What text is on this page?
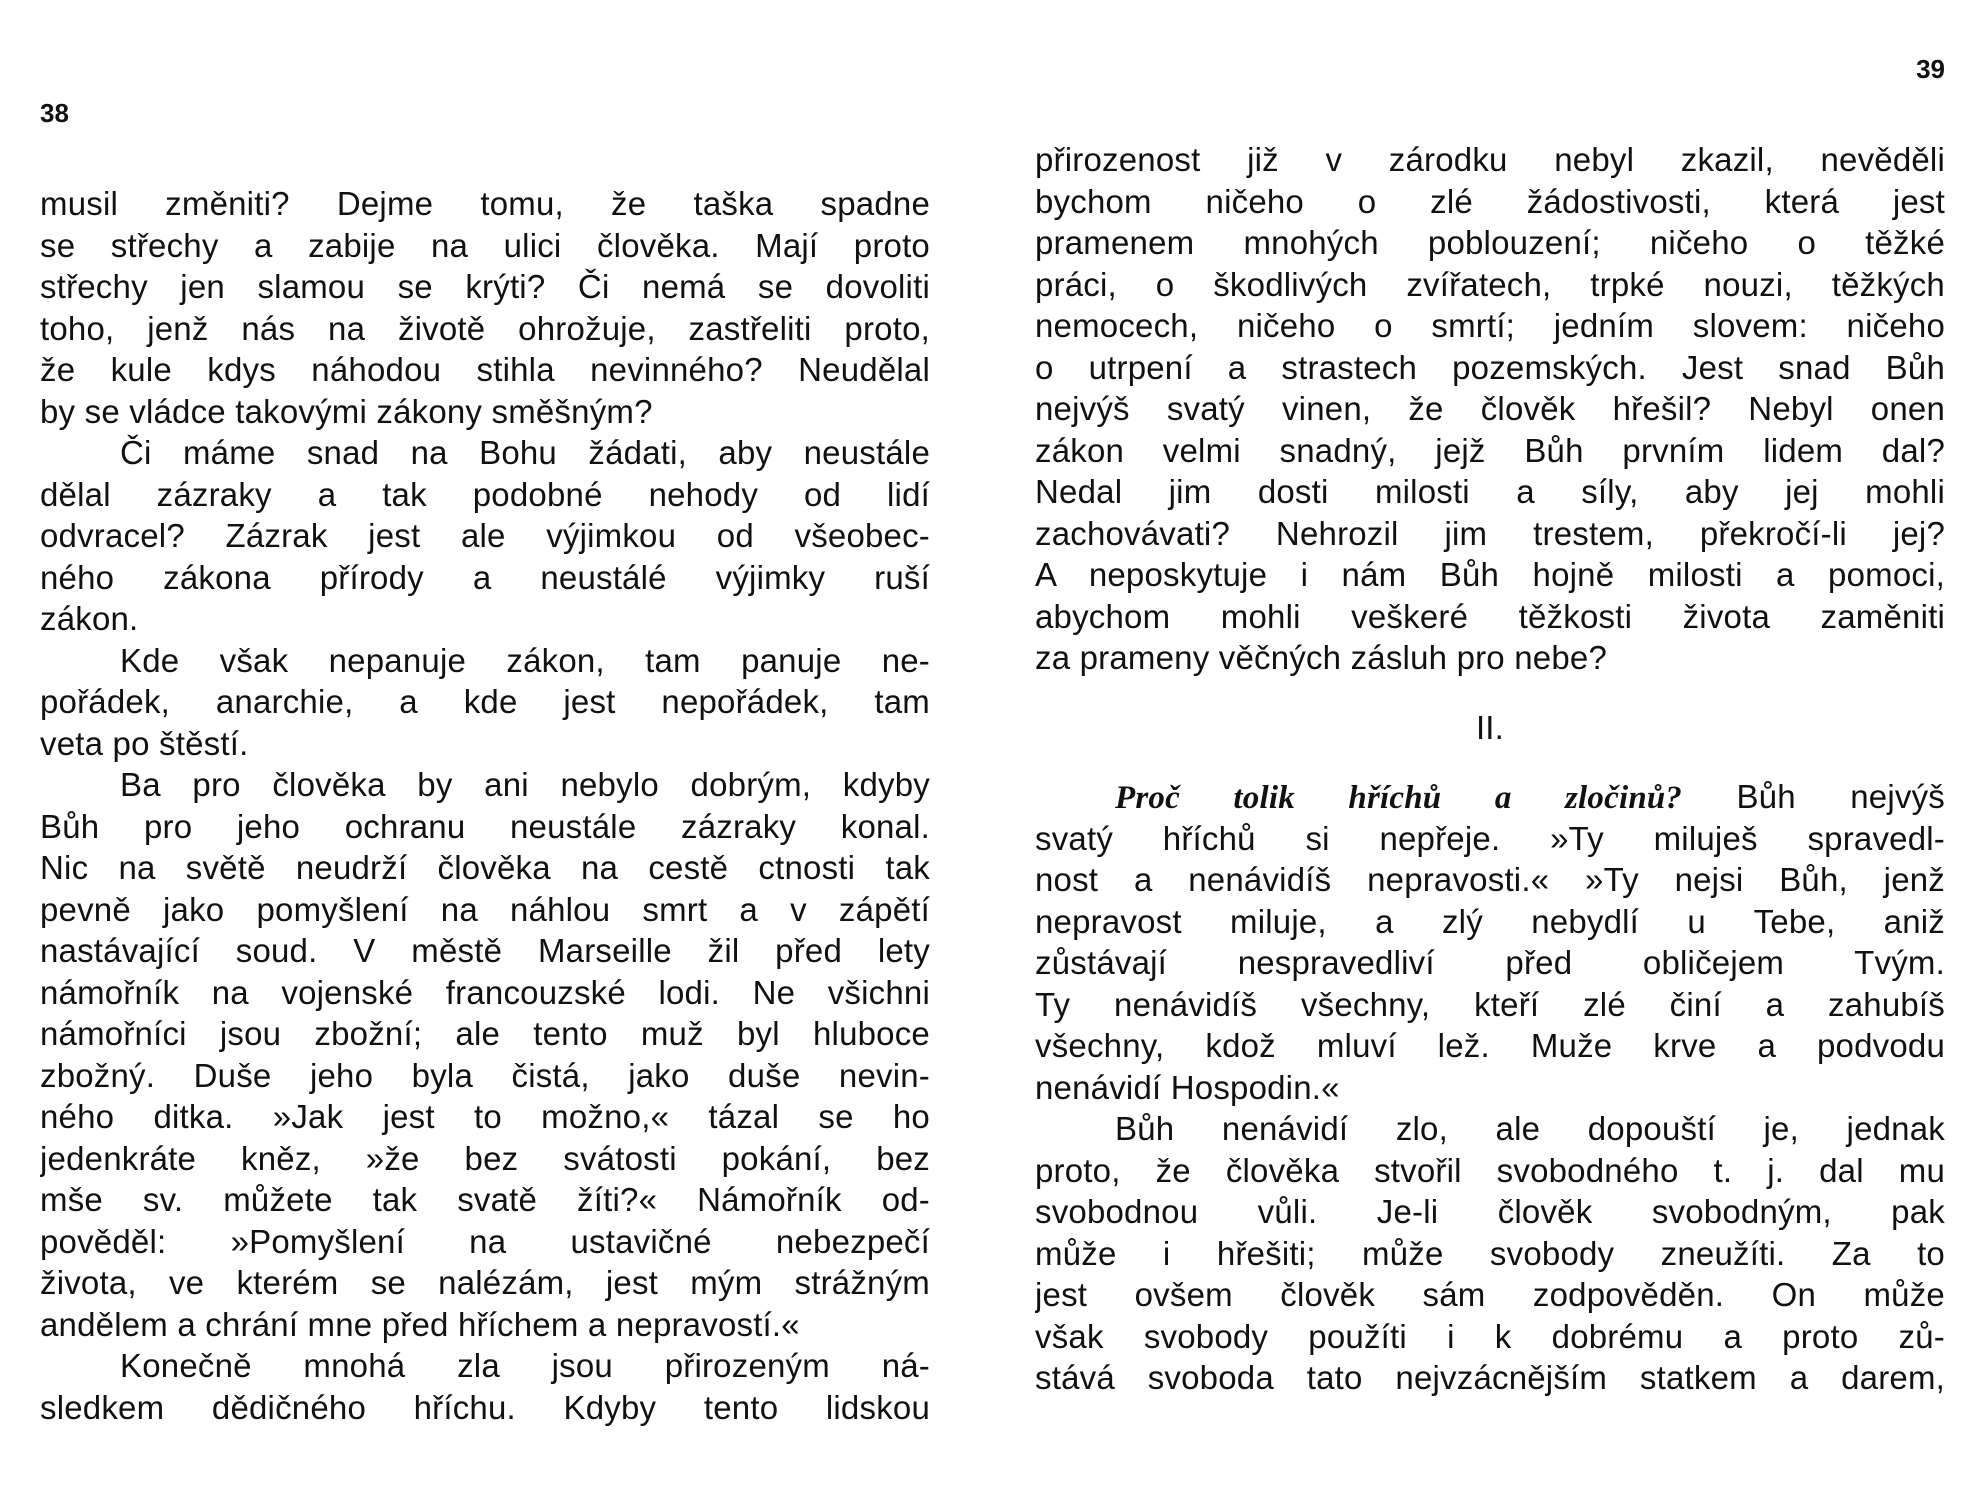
38
musil změniti? Dejme tomu, že taška spadne
se střechy a zabije na ulici člověka. Mají proto
střechy jen slamou se krýti? Či nemá se dovoliti
toho, jenž nás na životě ohrožuje, zastřeliti proto,
že kule kdys náhodou stihla nevinného? Neudělal
by se vládce takovými zákony směšným?
Či máme snad na Bohu žádati, aby neustále
dělal zázraky a tak podobné nehody od lidí
odvracel? Zázrak jest ale výjimkou od všeobec-
ného zákona přírody a neustálé výjimky ruší
zákon.
Kde však nepanuje zákon, tam panuje ne-
pořádek, anarchie, a kde jest nepořádek, tam
veta po štěstí.
Ba pro člověka by ani nebylo dobrým, kdyby
Bůh pro jeho ochranu neustále zázraky konal.
Nic na světě neudrží člověka na cestě ctnosti tak
pevně jako pomyšlení na náhlou smrt a v zápětí
nastávající soud. V městě Marseille žil před lety
námořník na vojenské francouzské lodi. Ne všichni
námořníci jsou zbožní; ale tento muž byl hluboce
zbožný. Duše jeho byla čistá, jako duše nevin-
ného ditka. »Jak jest to možno,« tázal se ho
jedenkráte kněz, »že bez svátosti pokání, bez
mše sv. můžete tak svatě žíti?« Námořník od-
pověděl: »Pomyšlení na ustavičné nebezpečí
života, ve kterém se nalézám, jest mým strážným
andělem a chrání mne před hříchem a nepravostí.«
Konečně mnohá zla jsou přirozeným ná-
sledkem dědičného hříchu. Kdyby tento lidskou
39
přirozenost již v zárodku nebyl zkazil, nevěděli
bychom ničeho o zlé žádostivosti, která jest
pramenem mnohých poblouzení; ničeho o těžké
práci, o škodlivých zvířatech, trpké nouzi, těžkých
nemocech, ničeho o smrtí; jedním slovem: ničeho
o utrpení a strastech pozemských. Jest snad Bůh
nejvýš svatý vinen, že člověk hřešil? Nebyl onen
zákon velmi snadný, jejž Bůh prvním lidem dal?
Nedal jim dosti milosti a síly, aby jej mohli
zachovávati? Nehrozil jim trestem, překročí-li jej?
A neposkytuje i nám Bůh hojně milosti a pomoci,
abychom mohli veškeré těžkosti života zaměniti
za prameny věčných zásluh pro nebe?
II.
Proč tolik hříchů a zločinů? Bůh nejvýš
svatý hříchů si nepřeje. »Ty miluješ spravedl-
nost a nenávidíš nepravosti.« »Ty nejsi Bůh, jenž
nepravost miluje, a zlý nebydlí u Tebe, aniž
zůstávají nespravedliví před obličejem Tvým.
Ty nenávidíš všechny, kteří zlé činí a zahubíš
všechny, kdož mluví lež. Muže krve a podvodu
nenávidí Hospodin.«
Bůh nenávidí zlo, ale dopouští je, jednak
proto, že člověka stvořil svobodného t. j. dal mu
svobodnou vůli. Je-li člověk svobodným, pak
může i hřešiti; může svobody zneužíti. Za to
jest ovšem člověk sám zodpověděn. On může
však svobody použíti i k dobrému a proto zů-
stává svoboda tato nejvzácnějším statkem a darem,
